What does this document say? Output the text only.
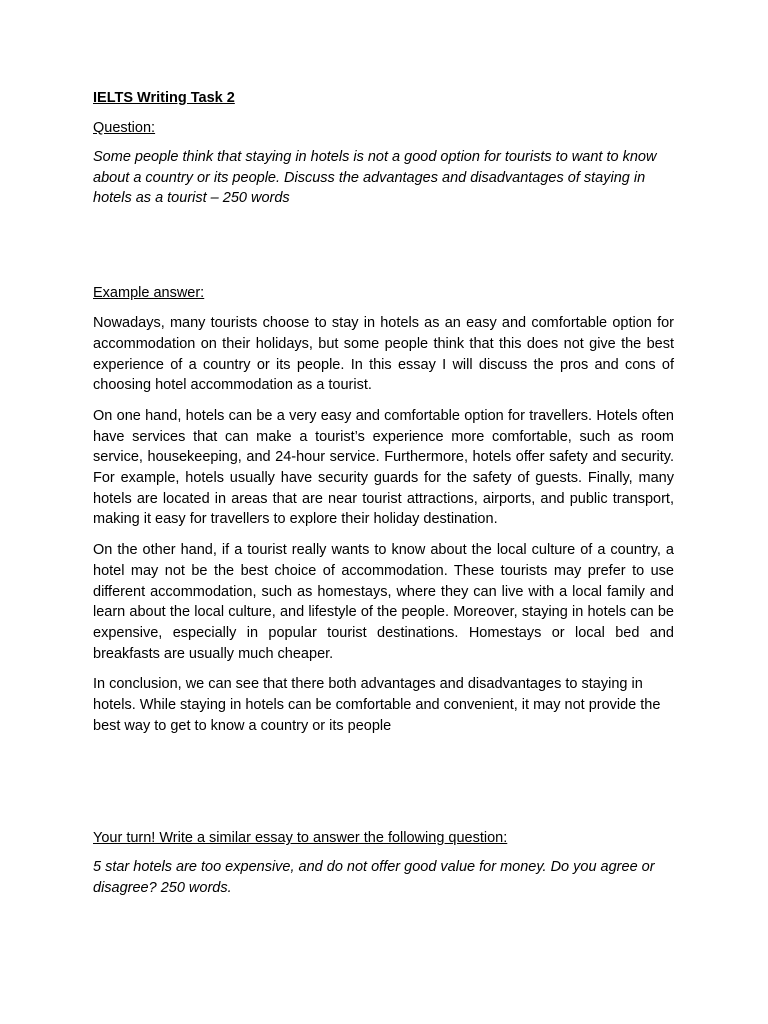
IELTS Writing Task 2

Question:

Some people think that staying in hotels is not a good option for tourists to want to know about a country or its people. Discuss the advantages and disadvantages of staying in hotels as a tourist – 250 words

Example answer:

Nowadays, many tourists choose to stay in hotels as an easy and comfortable option for accommodation on their holidays, but some people think that this does not give the best experience of a country or its people. In this essay I will discuss the pros and cons of choosing hotel accommodation as a tourist.

On one hand, hotels can be a very easy and comfortable option for travellers. Hotels often have services that can make a tourist’s experience more comfortable, such as room service, housekeeping, and 24-hour service. Furthermore, hotels offer safety and security. For example, hotels usually have security guards for the safety of guests. Finally, many hotels are located in areas that are near tourist attractions, airports, and public transport, making it easy for travellers to explore their holiday destination.

On the other hand, if a tourist really wants to know about the local culture of a country, a hotel may not be the best choice of accommodation. These tourists may prefer to use different accommodation, such as homestays, where they can live with a local family and learn about the local culture, and lifestyle of the people. Moreover, staying in hotels can be expensive, especially in popular tourist destinations. Homestays or local bed and breakfasts are usually much cheaper.

In conclusion, we can see that there both advantages and disadvantages to staying in hotels. While staying in hotels can be comfortable and convenient, it may not provide the best way to get to know a country or its people

Your turn! Write a similar essay to answer the following question:

5 star hotels are too expensive, and do not offer good value for money. Do you agree or disagree? 250 words.
